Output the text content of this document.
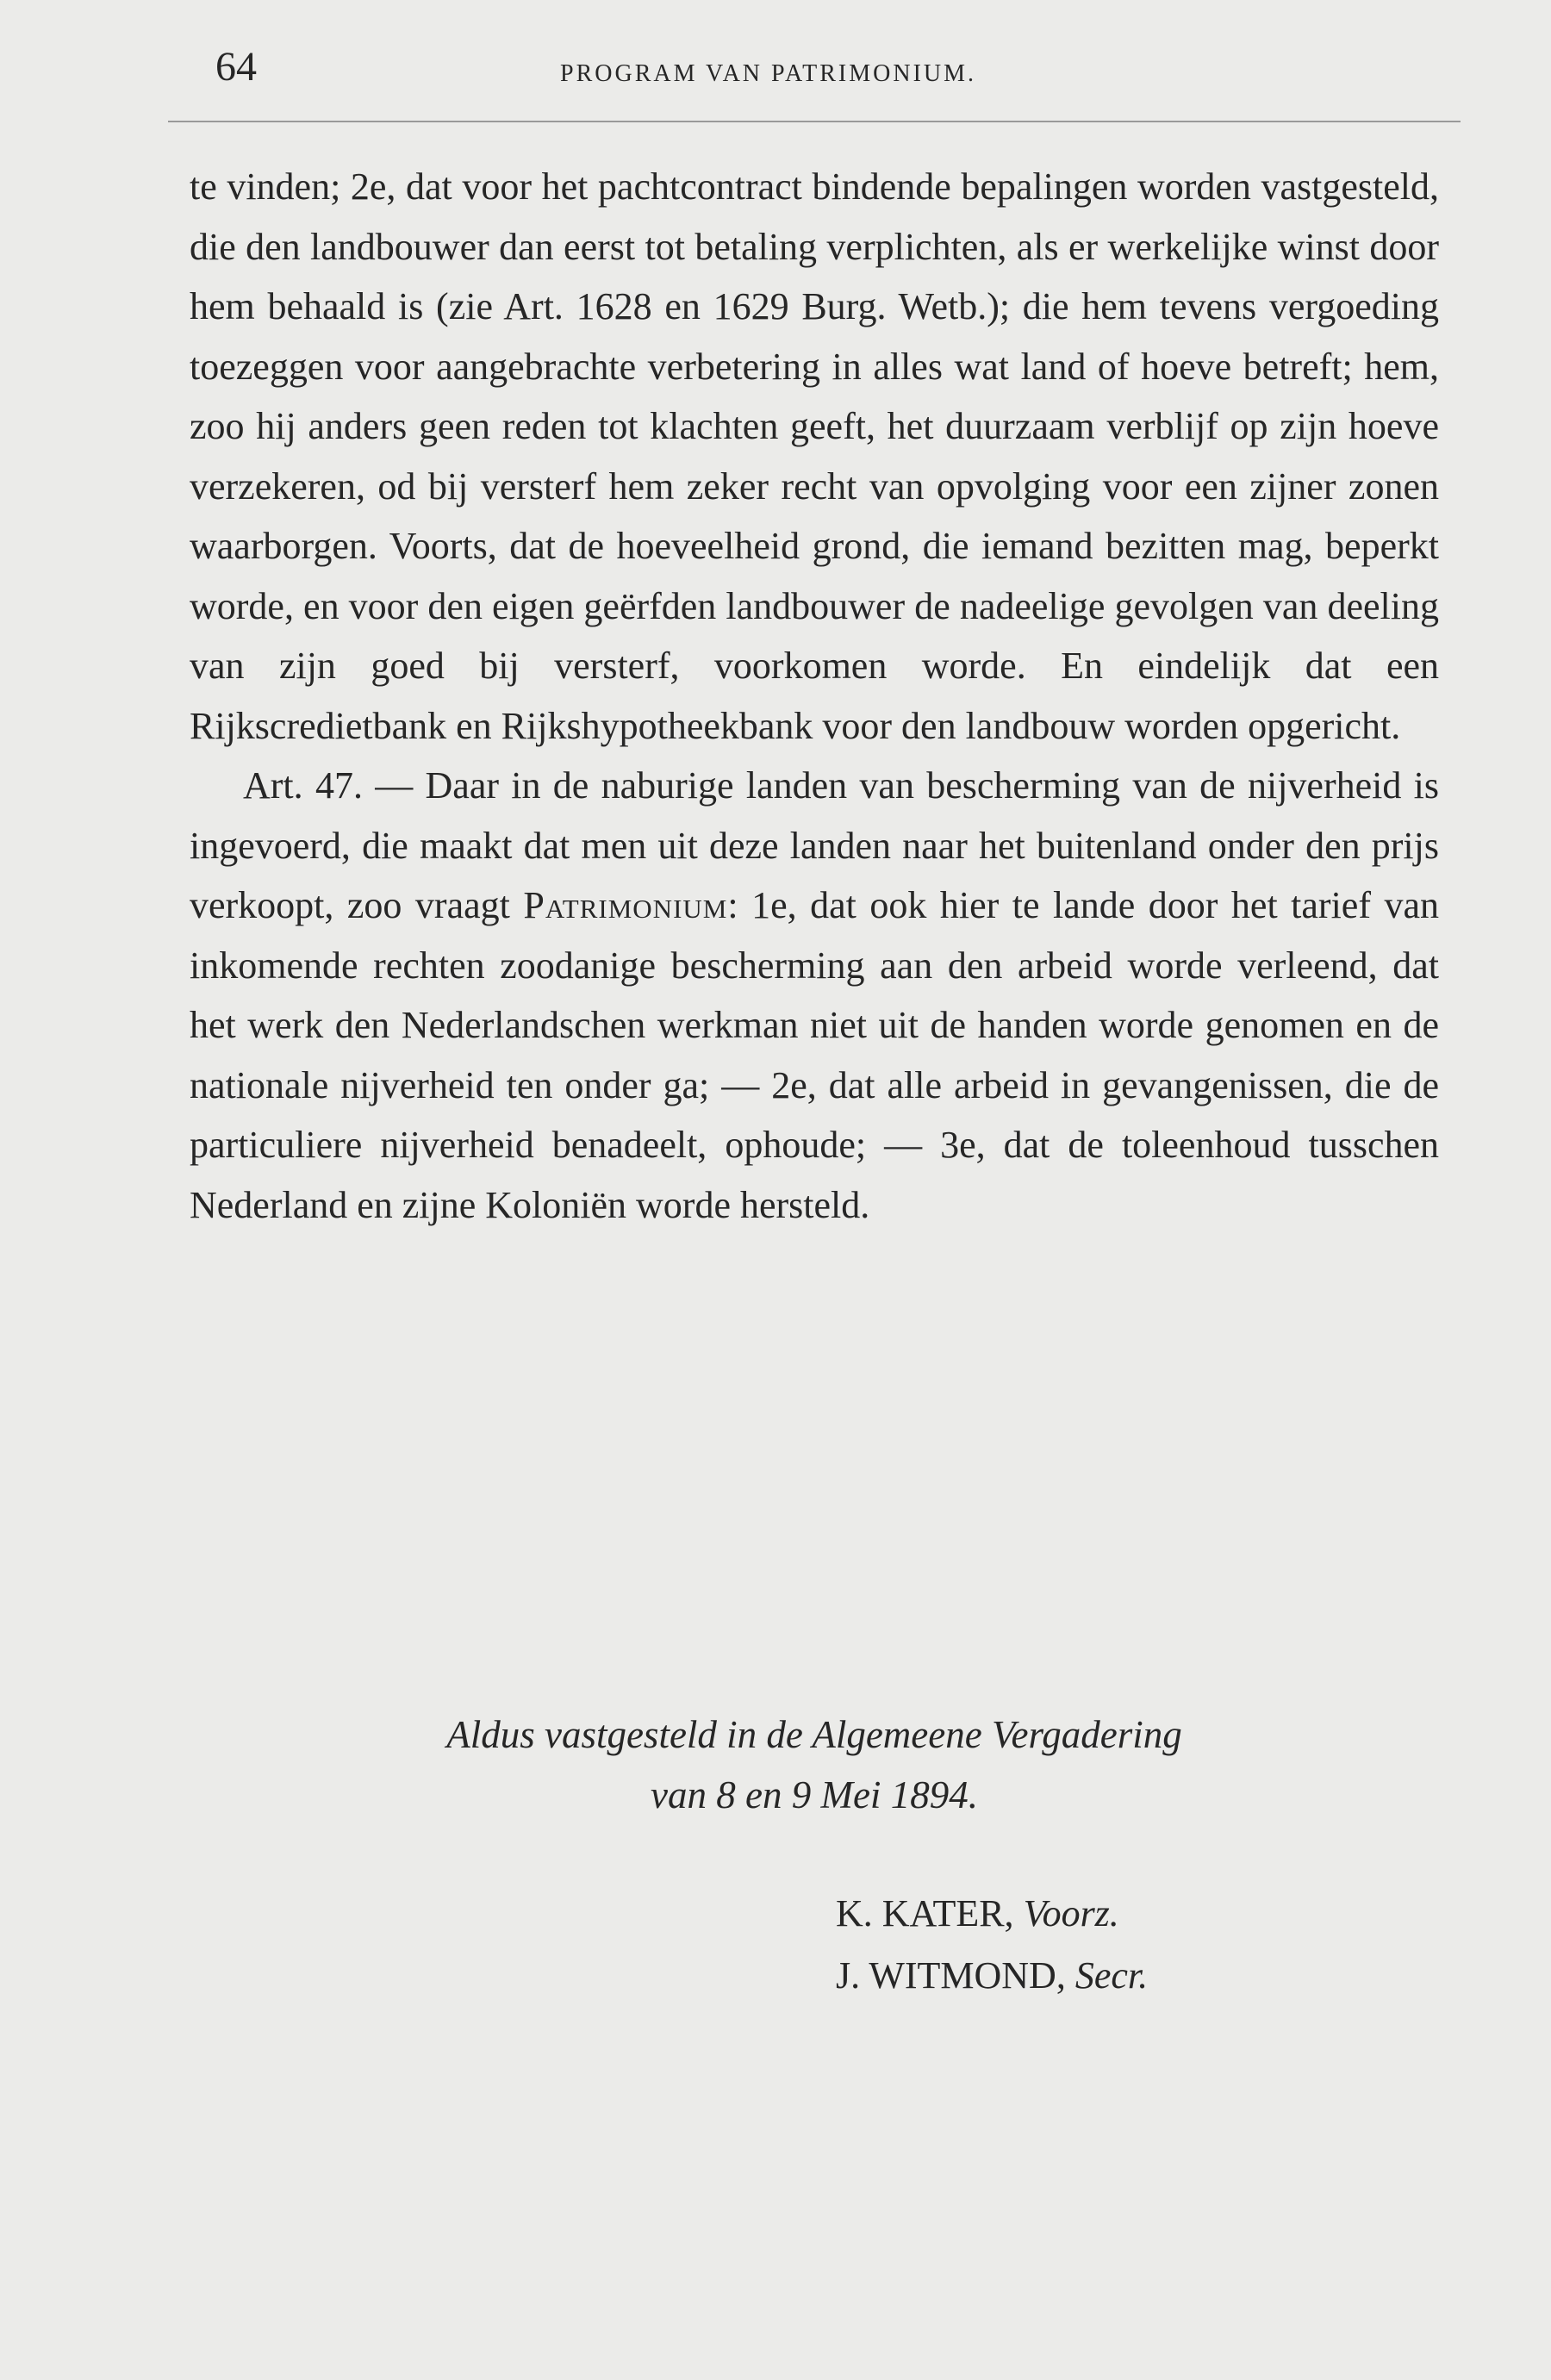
64	PROGRAM VAN PATRIMONIUM.

te vinden; 2e, dat voor het pachtcontract bindende bepalingen worden vastgesteld, die den landbouwer dan eerst tot betaling verplichten, als er werkelijke winst door hem behaald is (zie Art. 1628 en 1629 Burg. Wetb.); die hem tevens vergoeding toezeggen voor aangebrachte verbetering in alles wat land of hoeve betreft; hem, zoo hij anders geen reden tot klachten geeft, het duurzaam verblijf op zijn hoeve verzekeren, od bij versterf hem zeker recht van opvolging voor een zijner zonen waarborgen. Voorts, dat de hoeveelheid grond, die iemand bezitten mag, beperkt worde, en voor den eigen geërfden landbouwer de nadeelige gevolgen van deeling van zijn goed bij versterf, voorkomen worde. En eindelijk dat een Rijkscredietbank en Rijkshypotheekbank voor den landbouw worden opgericht.

Art. 47. — Daar in de naburige landen van bescherming van de nijverheid is ingevoerd, die maakt dat men uit deze landen naar het buitenland onder den prijs verkoopt, zoo vraagt Patrimonium: 1e, dat ook hier te lande door het tarief van inkomende rechten zoodanige bescherming aan den arbeid worde verleend, dat het werk den Nederlandschen werkman niet uit de handen worde genomen en de nationale nijverheid ten onder ga; — 2e, dat alle arbeid in gevangenissen, die de particuliere nijverheid benadeelt, ophoude; — 3e, dat de toleenhoud tusschen Nederland en zijne Koloniën worde hersteld.

Aldus vastgesteld in de Algemeene Vergadering
van 8 en 9 Mei 1894.
K. KATER, Voorz.
J. WITMOND, Secr.
